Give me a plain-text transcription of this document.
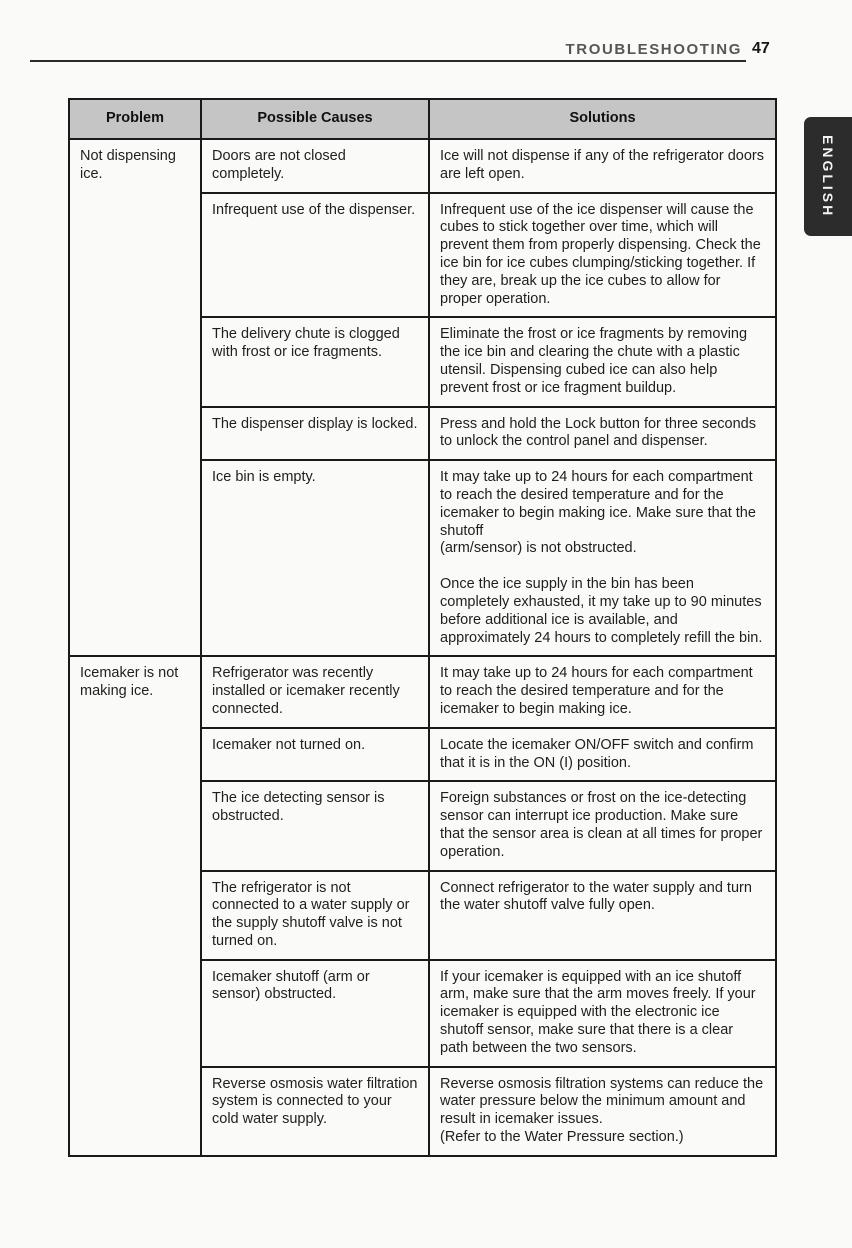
TROUBLESHOOTING 47
ENGLISH
Problem	Possible Causes	Solutions
Not dispensing ice.	Doors are not closed completely.	Ice will not dispense if any of the refrigerator doors are left open.

	Infrequent use of the dispenser.	Infrequent use of the ice dispenser will cause the cubes to stick together over time, which will prevent them from properly dispensing. Check the ice bin for ice cubes clumping/sticking together. If they are, break up the ice cubes to allow for proper operation.

	The delivery chute is clogged with frost or ice fragments.	Eliminate the frost or ice fragments by removing the ice bin and clearing the chute with a plastic utensil. Dispensing cubed ice can also help prevent frost or ice fragment buildup.

	The dispenser display is locked.	Press and hold the Lock button for three seconds to unlock the control panel and dispenser.

	Ice bin is empty.	It may take up to 24 hours for each compartment to reach the desired temperature and for the icemaker to begin making ice. Make sure that the shutoff
(arm/sensor) is not obstructed.

Once the ice supply in the bin has been completely exhausted, it my take up to 90 minutes before additional ice is available, and approximately 24 hours to completely refill the bin.

Icemaker is not making ice.	Refrigerator was recently installed or icemaker recently connected.	It may take up to 24 hours for each compartment to reach the desired temperature and for the icemaker to begin making ice.

	Icemaker not turned on.	Locate the icemaker ON/OFF switch and confirm that it is in the ON (I) position.

	The ice detecting sensor is obstructed.	Foreign substances or frost on the ice-detecting sensor can interrupt ice production. Make sure that the sensor area is clean at all times for proper operation.

	The refrigerator is not connected to a water supply or the supply shutoff valve is not turned on.	Connect refrigerator to the water supply and turn the water shutoff valve fully open.

	Icemaker shutoff (arm or sensor) obstructed.	If your icemaker is equipped with an ice shutoff arm, make sure that the arm moves freely. If your icemaker is equipped with the electronic ice shutoff sensor, make sure that there is a clear path between the two sensors.

	Reverse osmosis water filtration system is connected to your cold water supply.	Reverse osmosis filtration systems can reduce the water pressure below the minimum amount and result in icemaker issues.
(Refer to the Water Pressure section.)
